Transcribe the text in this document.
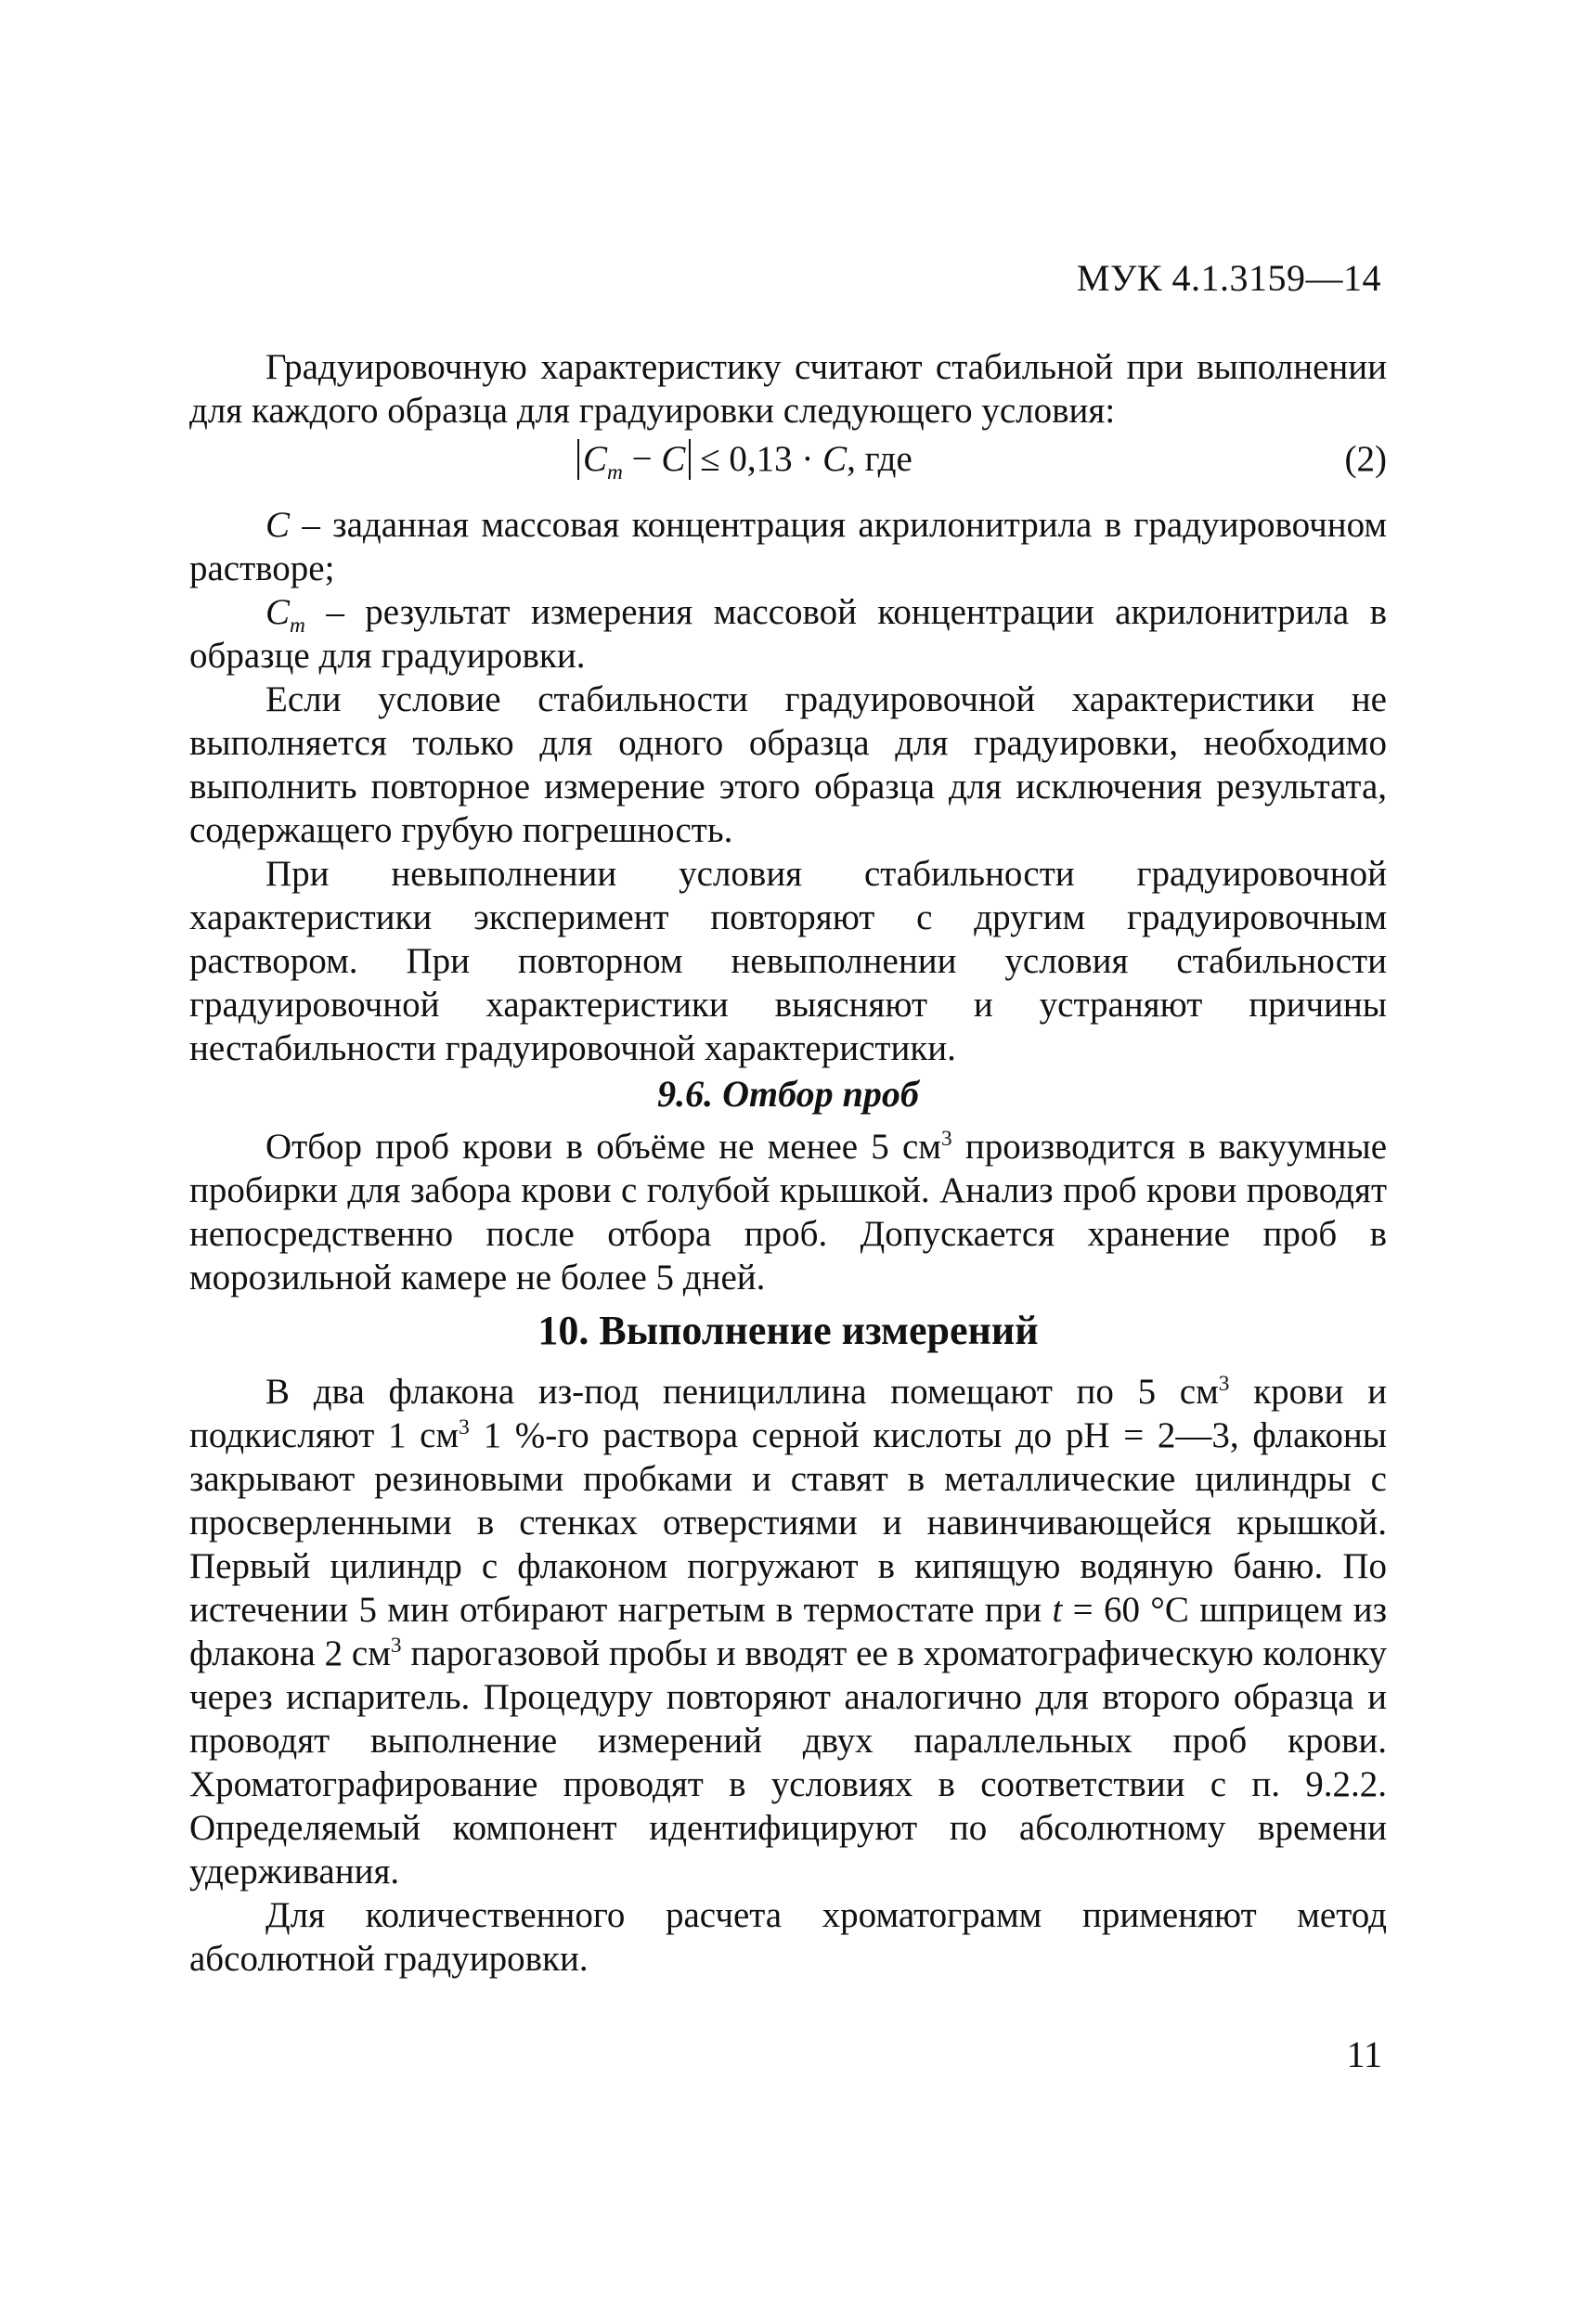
МУК 4.1.3159—14

Градуировочную характеристику считают стабильной при выполнении для каждого образца для градуировки следующего условия:

$C_m - C \le 0,13 \cdot C$, где	(2)

C – заданная массовая концентрация акрилонитрила в градуировочном растворе;

$C_m$ – результат измерения массовой концентрации акрилонитрила в образце для градуировки.

Если условие стабильности градуировочной характеристики не выполняется только для одного образца для градуировки, необходимо выполнить повторное измерение этого образца для исключения результата, содержащего грубую погрешность.

При невыполнении условия стабильности градуировочной характеристики эксперимент повторяют с другим градуировочным раствором. При повторном невыполнении условия стабильности градуировочной характеристики выясняют и устраняют причины нестабильности градуировочной характеристики.

9.6. Отбор проб

Отбор проб крови в объёме не менее 5 $см^3$ производится в вакуумные пробирки для забора крови с голубой крышкой. Анализ проб крови проводят непосредственно после отбора проб. Допускается хранение проб в морозильной камере не более 5 дней.

10. Выполнение измерений

В два флакона из-под пенициллина помещают по 5 $см^3$ крови и подкисляют 1 $см^3$ 1 %-го раствора серной кислоты до pH = 2—3, флаконы закрывают резиновыми пробками и ставят в металлические цилиндры с просверленными в стенках отверстиями и навинчивающейся крышкой. Первый цилиндр с флаконом погружают в кипящую водяную баню. По истечении 5 мин отбирают нагретым в термостате при t = 60 °C шприцем из флакона 2 $см^3$ парогазовой пробы и вводят ее в хроматографическую колонку через испаритель. Процедуру повторяют аналогично для второго образца и проводят выполнение измерений двух параллельных проб крови. Хроматографирование проводят в условиях в соответствии с п. 9.2.2. Определяемый компонент идентифицируют по абсолютному времени удерживания.

Для количественного расчета хроматограмм применяют метод абсолютной градуировки.

11
